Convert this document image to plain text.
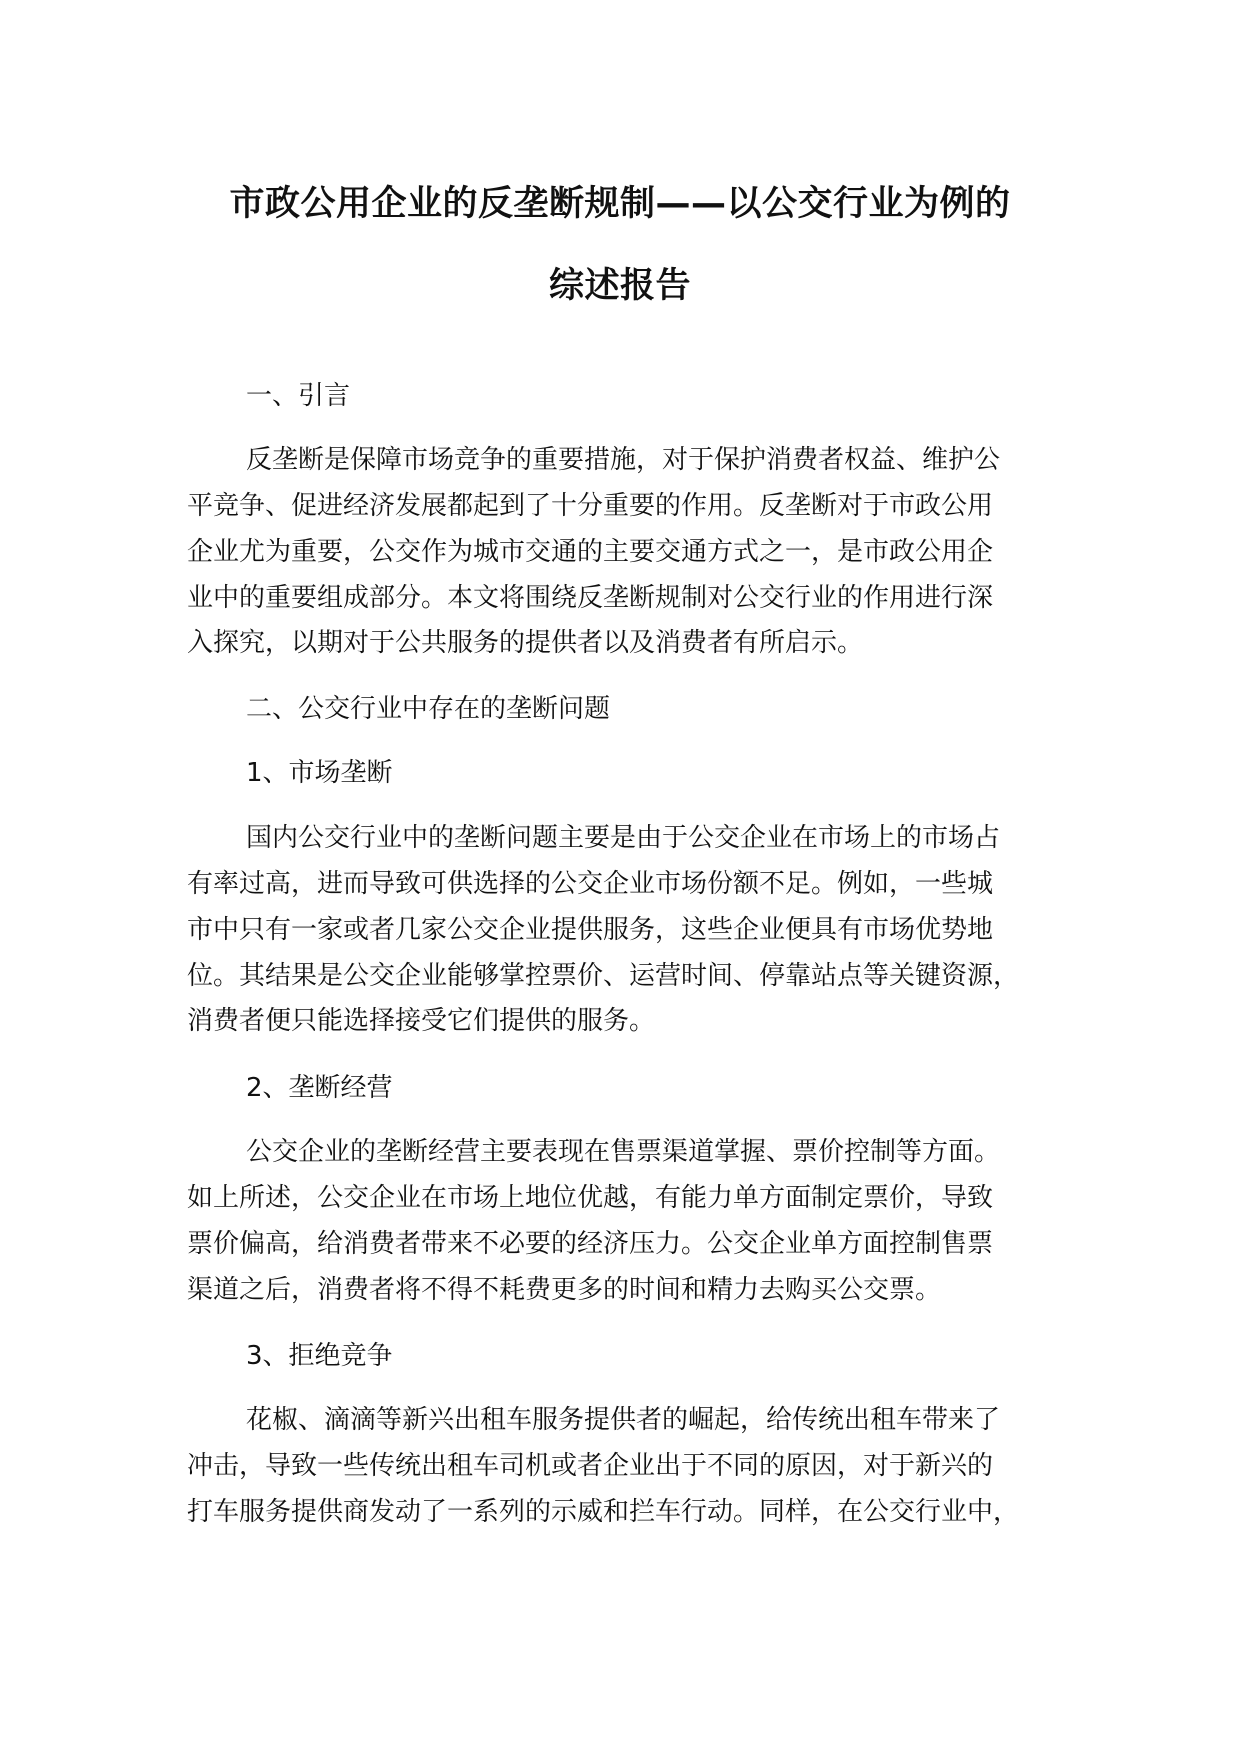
市政公用企业的反垄断规制——以公交行业为例的
综述报告
一、引言
反垄断是保障市场竞争的重要措施，对于保护消费者权益、维护公
平竞争、促进经济发展都起到了十分重要的作用。反垄断对于市政公用
企业尤为重要，公交作为城市交通的主要交通方式之一，是市政公用企
业中的重要组成部分。本文将围绕反垄断规制对公交行业的作用进行深
入探究，以期对于公共服务的提供者以及消费者有所启示。
二、公交行业中存在的垄断问题
1、市场垄断
国内公交行业中的垄断问题主要是由于公交企业在市场上的市场占
有率过高，进而导致可供选择的公交企业市场份额不足。例如，一些城
市中只有一家或者几家公交企业提供服务，这些企业便具有市场优势地
位。其结果是公交企业能够掌控票价、运营时间、停靠站点等关键资源，
消费者便只能选择接受它们提供的服务。
2、垄断经营
公交企业的垄断经营主要表现在售票渠道掌握、票价控制等方面。
如上所述，公交企业在市场上地位优越，有能力单方面制定票价，导致
票价偏高，给消费者带来不必要的经济压力。公交企业单方面控制售票
渠道之后，消费者将不得不耗费更多的时间和精力去购买公交票。
3、拒绝竞争
花椒、滴滴等新兴出租车服务提供者的崛起，给传统出租车带来了
冲击，导致一些传统出租车司机或者企业出于不同的原因，对于新兴的
打车服务提供商发动了一系列的示威和拦车行动。同样，在公交行业中，
